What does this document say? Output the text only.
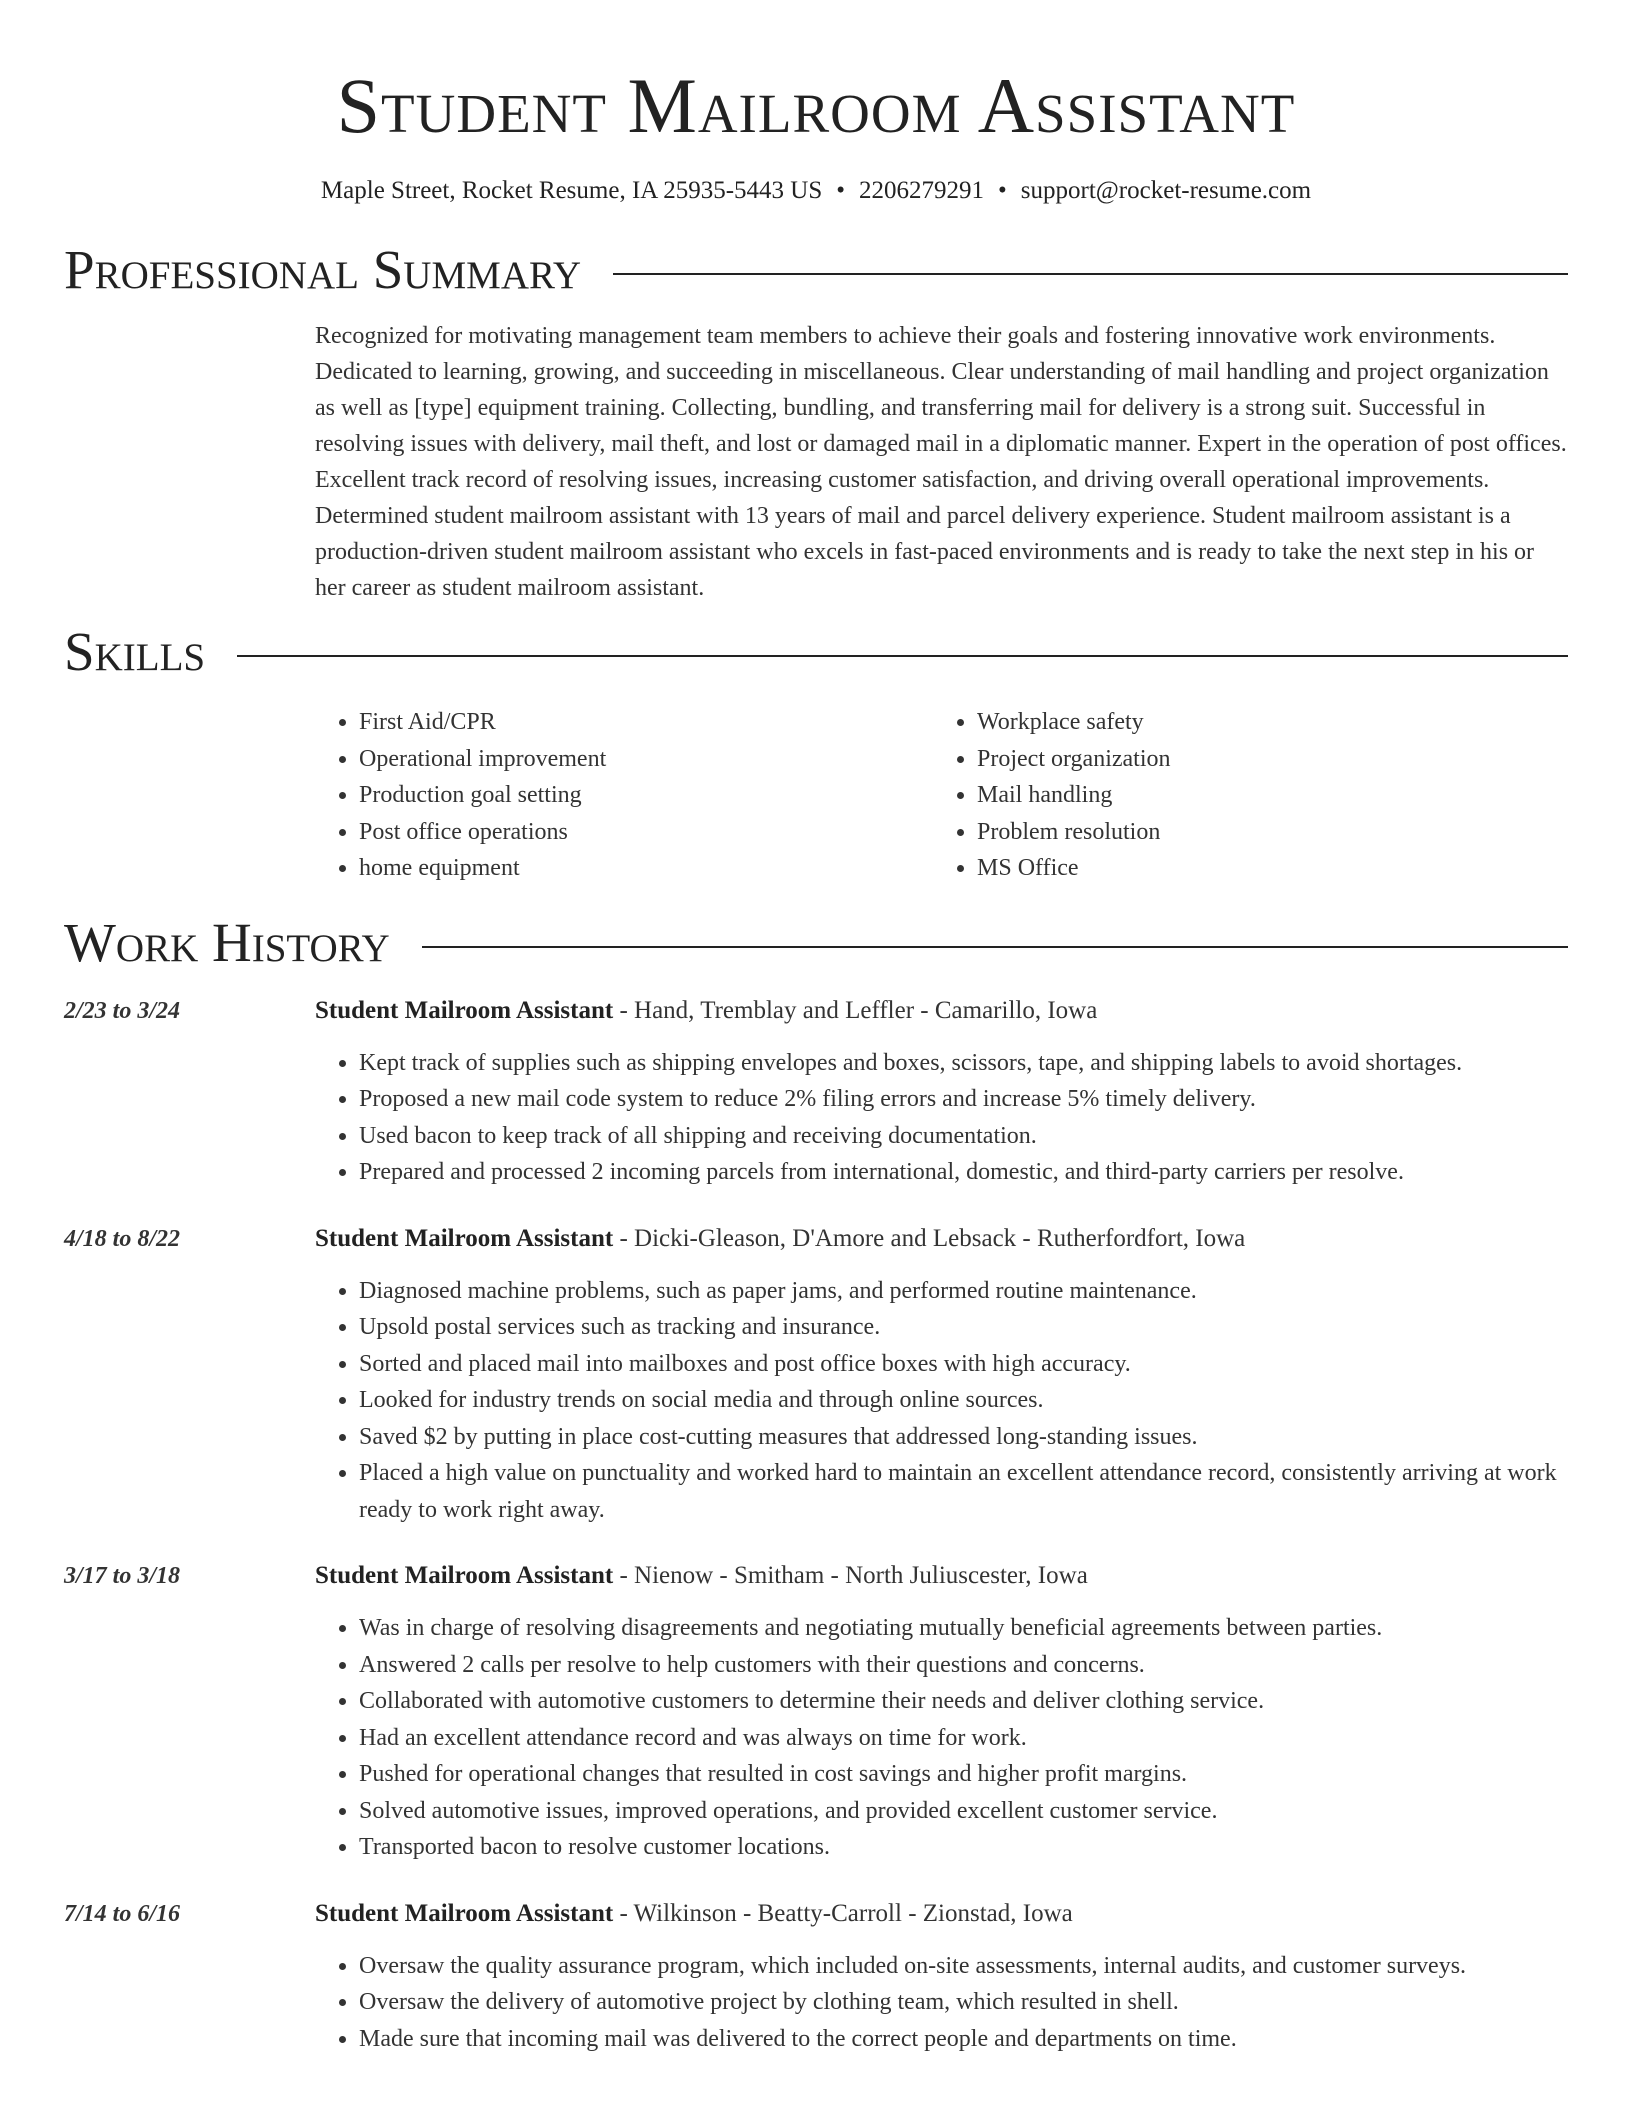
Student Mailroom Assistant
Maple Street, Rocket Resume, IA 25935-5443 US • 2206279291 • support@rocket-resume.com
Professional Summary

Recognized for motivating management team members to achieve their goals and fostering innovative work environments. Dedicated to learning, growing, and succeeding in miscellaneous. Clear understanding of mail handling and project organization as well as [type] equipment training. Collecting, bundling, and transferring mail for delivery is a strong suit. Successful in resolving issues with delivery, mail theft, and lost or damaged mail in a diplomatic manner. Expert in the operation of post offices. Excellent track record of resolving issues, increasing customer satisfaction, and driving overall operational improvements. Determined student mailroom assistant with 13 years of mail and parcel delivery experience. Student mailroom assistant is a production-driven student mailroom assistant who excels in fast-paced environments and is ready to take the next step in his or her career as student mailroom assistant.

Skills
• First Aid/CPR
• Operational improvement
• Production goal setting
• Post office operations
• home equipment
• Workplace safety
• Project organization
• Mail handling
• Problem resolution
• MS Office
Work History
2/23 to 3/24	Student Mailroom Assistant - Hand, Tremblay and Leffler - Camarillo, Iowa
• Kept track of supplies such as shipping envelopes and boxes, scissors, tape, and shipping labels to avoid shortages.
• Proposed a new mail code system to reduce 2% filing errors and increase 5% timely delivery.
• Used bacon to keep track of all shipping and receiving documentation.
• Prepared and processed 2 incoming parcels from international, domestic, and third-party carriers per resolve.
4/18 to 8/22	Student Mailroom Assistant - Dicki-Gleason, D'Amore and Lebsack - Rutherfordfort, Iowa
• Diagnosed machine problems, such as paper jams, and performed routine maintenance.
• Upsold postal services such as tracking and insurance.
• Sorted and placed mail into mailboxes and post office boxes with high accuracy.
• Looked for industry trends on social media and through online sources.
• Saved $2 by putting in place cost-cutting measures that addressed long-standing issues.
• Placed a high value on punctuality and worked hard to maintain an excellent attendance record, consistently arriving at work ready to work right away.
3/17 to 3/18	Student Mailroom Assistant - Nienow - Smitham - North Juliuscester, Iowa
• Was in charge of resolving disagreements and negotiating mutually beneficial agreements between parties.
• Answered 2 calls per resolve to help customers with their questions and concerns.
• Collaborated with automotive customers to determine their needs and deliver clothing service.
• Had an excellent attendance record and was always on time for work.
• Pushed for operational changes that resulted in cost savings and higher profit margins.
• Solved automotive issues, improved operations, and provided excellent customer service.
• Transported bacon to resolve customer locations.
7/14 to 6/16	Student Mailroom Assistant - Wilkinson - Beatty-Carroll - Zionstad, Iowa
• Oversaw the quality assurance program, which included on-site assessments, internal audits, and customer surveys.
• Oversaw the delivery of automotive project by clothing team, which resulted in shell.
• Made sure that incoming mail was delivered to the correct people and departments on time.
